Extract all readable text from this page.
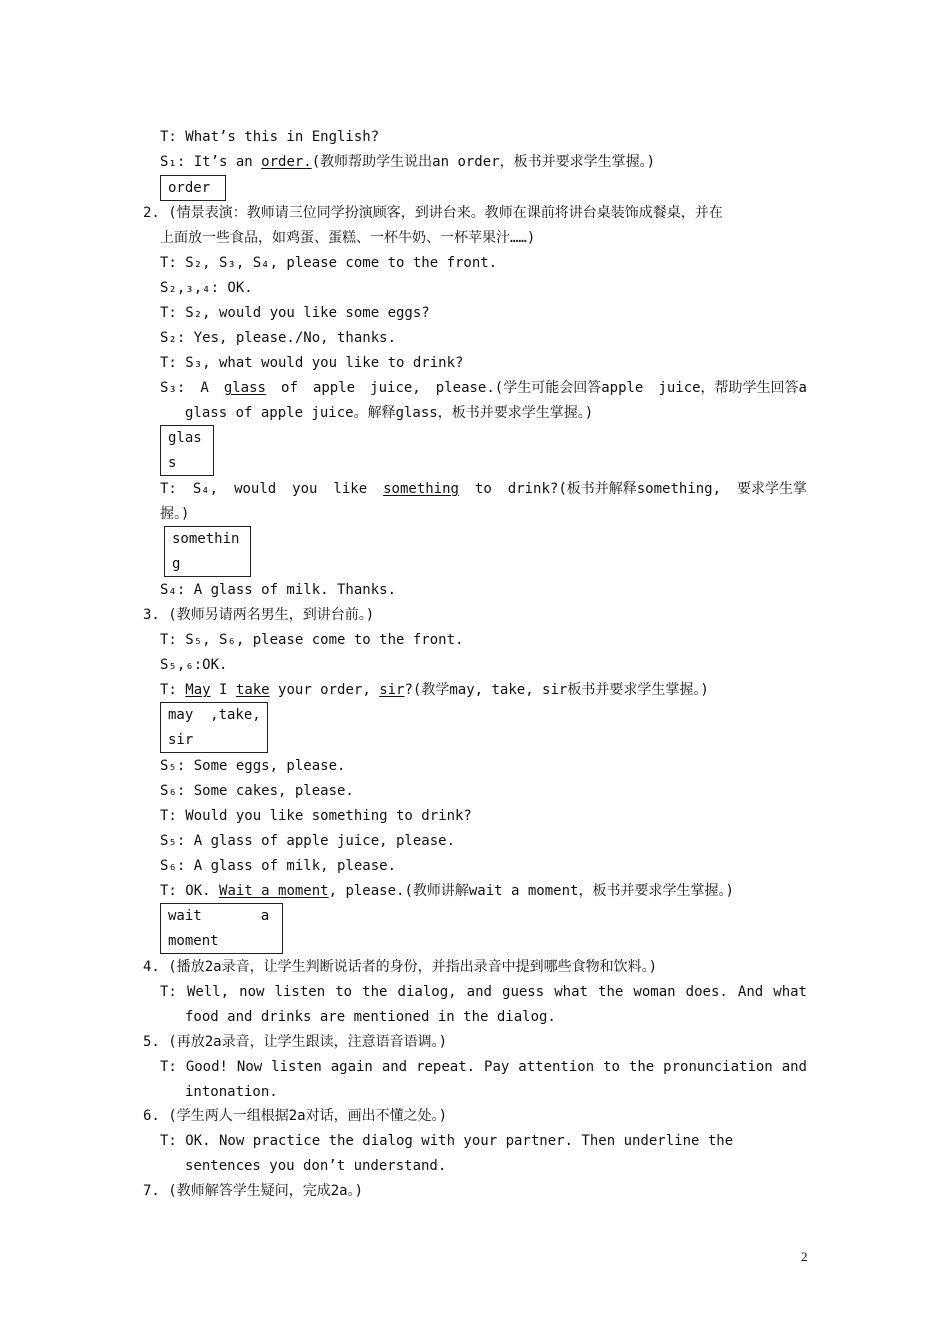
T: What’s this in English?
S₁: It’s an order.(教师帮助学生说出an order，板书并要求学生掌握。)
order
2. (情景表演：教师请三位同学扮演顾客，到讲台来。教师在课前将讲台桌装饰成餐桌，并在
上面放一些食品，如鸡蛋、蛋糕、一杯牛奶、一杯苹果汁……)
T: S₂, S₃, S₄, please come to the front.
S₂,₃,₄: OK.
T: S₂, would you like some eggs?
S₂: Yes, please./No, thanks.
T: S₃, what would you like to drink?
S₃: A glass of apple juice, please.(学生可能会回答apple juice，帮助学生回答a
glass of apple juice。解释glass，板书并要求学生掌握。)
glas
s
T: S₄, would you like something to drink?(板书并解释something, 要求学生掌
握。)
somethin
g
S₄: A glass of milk. Thanks.
3. (教师另请两名男生，到讲台前。)
T: S₅, S₆, please come to the front.
S₅,₆:OK.
T: May I take your order, sir?(教学may, take, sir板书并要求学生掌握。)
may  ,take,
sir
S₅: Some eggs, please.
S₆: Some cakes, please.
T: Would you like something to drink?
S₅: A glass of apple juice, please.
S₆: A glass of milk, please.
T: OK. Wait a moment, please.(教师讲解wait a moment，板书并要求学生掌握。)
wait       a
moment
4. (播放2a录音，让学生判断说话者的身份，并指出录音中提到哪些食物和饮料。)
T: Well, now listen to the dialog, and guess what the woman does. And what
food and drinks are mentioned in the dialog.
5. (再放2a录音，让学生跟读，注意语音语调。)
T: Good! Now listen again and repeat. Pay attention to the pronunciation and
intonation.
6. (学生两人一组根据2a对话，画出不懂之处。)
T: OK. Now practice the dialog with your partner. Then underline the
sentences you don’t understand.
7. (教师解答学生疑问，完成2a。)
2
